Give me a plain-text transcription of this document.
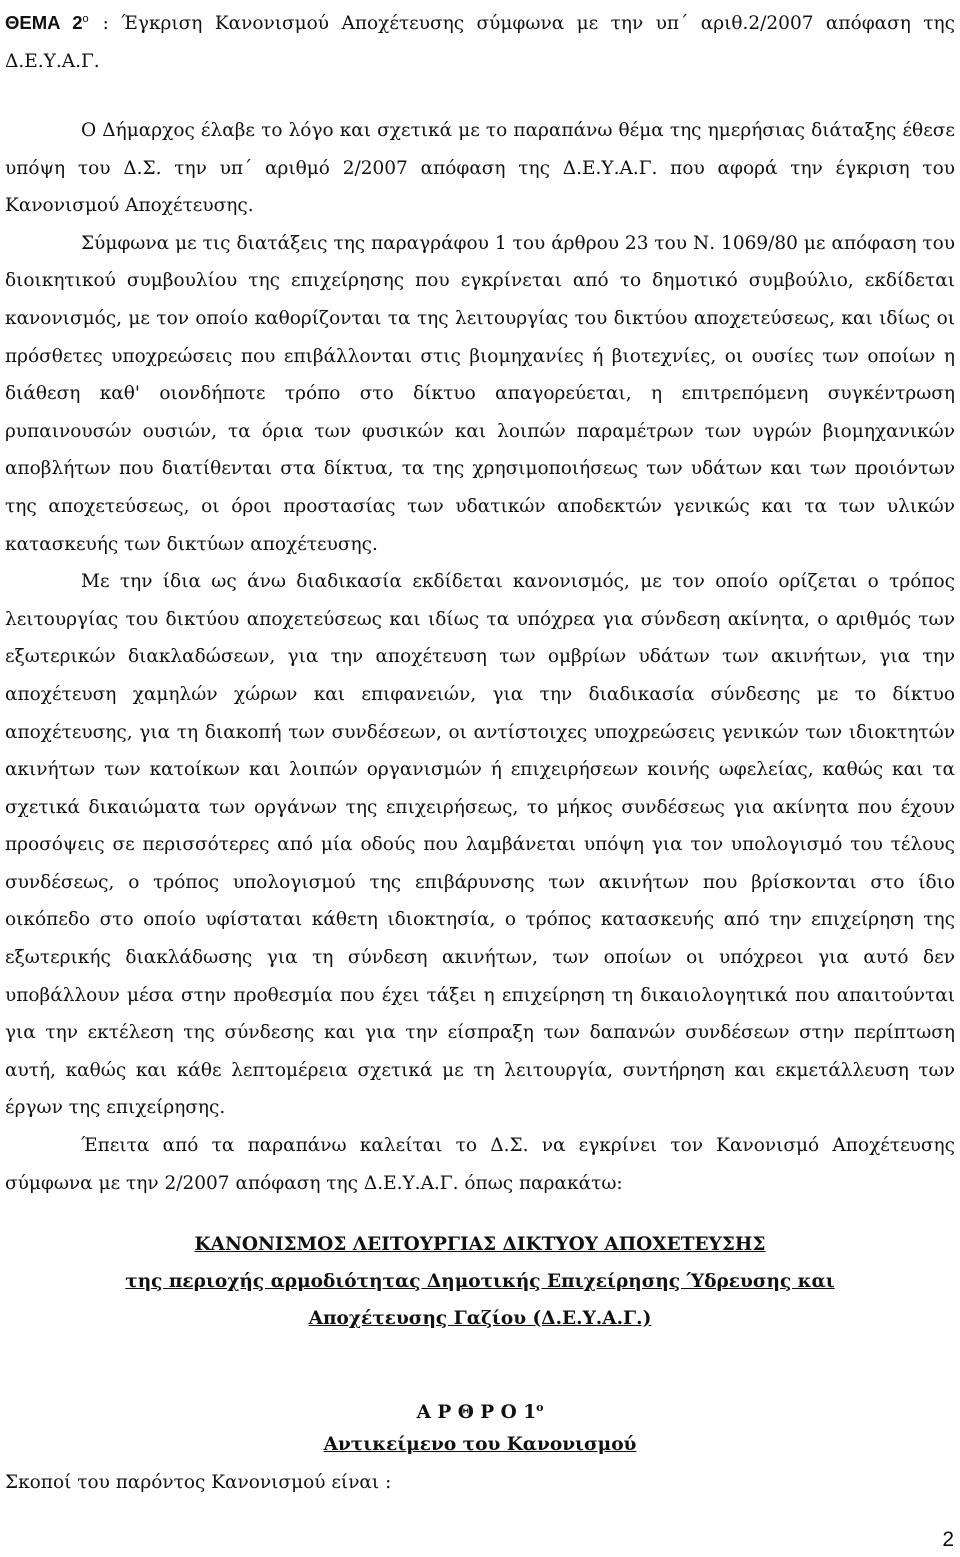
ΘΕΜΑ $2^o$ : Έγκριση Κανονισμού Αποχέτευσης σύμφωνα με την υπ΄ αριθ.2/2007 απόφαση της Δ.Ε.Υ.Α.Γ.

Ο Δήμαρχος έλαβε το λόγο και σχετικά με το παραπάνω θέμα της ημερήσιας διάταξης έθεσε υπόψη του Δ.Σ. την υπ΄ αριθμό 2/2007 απόφαση της Δ.Ε.Υ.Α.Γ. που αφορά την έγκριση του Κανονισμού Αποχέτευσης.

Σύμφωνα με τις διατάξεις της παραγράφου 1 του άρθρου 23 του Ν. 1069/80 με απόφαση του διοικητικού συμβουλίου της επιχείρησης που εγκρίνεται από το δημοτικό συμβούλιο, εκδίδεται κανονισμός, με τον οποίο καθορίζονται τα της λειτουργίας του δικτύου αποχετεύσεως, και ιδίως οι πρόσθετες υποχρεώσεις που επιβάλλονται στις βιομηχανίες ή βιοτεχνίες, οι ουσίες των οποίων η διάθεση καθ' οιονδήποτε τρόπο στο δίκτυο απαγορεύεται, η επιτρεπόμενη συγκέντρωση ρυπαινουσών ουσιών, τα όρια των φυσικών και λοιπών παραμέτρων των υγρών βιομηχανικών αποβλήτων που διατίθενται στα δίκτυα, τα της χρησιμοποιήσεως των υδάτων και των προιόντων της αποχετεύσεως, οι όροι προστασίας των υδατικών αποδεκτών γενικώς και τα των υλικών κατασκευής των δικτύων αποχέτευσης.

Με την ίδια ως άνω διαδικασία εκδίδεται κανονισμός, με τον οποίο ορίζεται ο τρόπος λειτουργίας του δικτύου αποχετεύσεως και ιδίως τα υπόχρεα για σύνδεση ακίνητα, ο αριθμός των εξωτερικών διακλαδώσεων, για την αποχέτευση των ομβρίων υδάτων των ακινήτων, για την αποχέτευση χαμηλών χώρων και επιφανειών, για την διαδικασία σύνδεσης με το δίκτυο αποχέτευσης, για τη διακοπή των συνδέσεων, οι αντίστοιχες υποχρεώσεις γενικών των ιδιοκτητών ακινήτων των κατοίκων και λοιπών οργανισμών ή επιχειρήσεων κοινής ωφελείας, καθώς και τα σχετικά δικαιώματα των οργάνων της επιχειρήσεως, το μήκος συνδέσεως για ακίνητα που έχουν προσόψεις σε περισσότερες από μία οδούς που λαμβάνεται υπόψη για τον υπολογισμό του τέλους συνδέσεως, ο τρόπος υπολογισμού της επιβάρυνσης των ακινήτων που βρίσκονται στο ίδιο οικόπεδο στο οποίο υφίσταται κάθετη ιδιοκτησία, ο τρόπος κατασκευής από την επιχείρηση της εξωτερικής διακλάδωσης για τη σύνδεση ακινήτων, των οποίων οι υπόχρεοι για αυτό δεν υποβάλλουν μέσα στην προθεσμία που έχει τάξει η επιχείρηση τη δικαιολογητικά που απαιτούνται για την εκτέλεση της σύνδεσης και για την είσπραξη των δαπανών συνδέσεων στην περίπτωση αυτή, καθώς και κάθε λεπτομέρεια σχετικά με τη λειτουργία, συντήρηση και εκμετάλλευση των έργων της επιχείρησης.

Έπειτα από τα παραπάνω καλείται το Δ.Σ. να εγκρίνει τον Κανονισμό Αποχέτευσης σύμφωνα με την 2/2007 απόφαση της Δ.Ε.Υ.Α.Γ. όπως παρακάτω:

ΚΑΝΟΝΙΣΜΟΣ ΛΕΙΤΟΥΡΓΙΑΣ ΔΙΚΤΥΟΥ ΑΠΟΧΕΤΕΥΣΗΣ
της περιοχής αρμοδιότητας Δημοτικής Επιχείρησης Ύδρευσης και
Αποχέτευσης Γαζίου (Δ.Ε.Υ.Α.Γ.)
Α Ρ Θ Ρ Ο $1^o$
Αντικείμενο του Κανονισμού
Σκοπoί του παρόντος Κανονισμού είναι :
2
